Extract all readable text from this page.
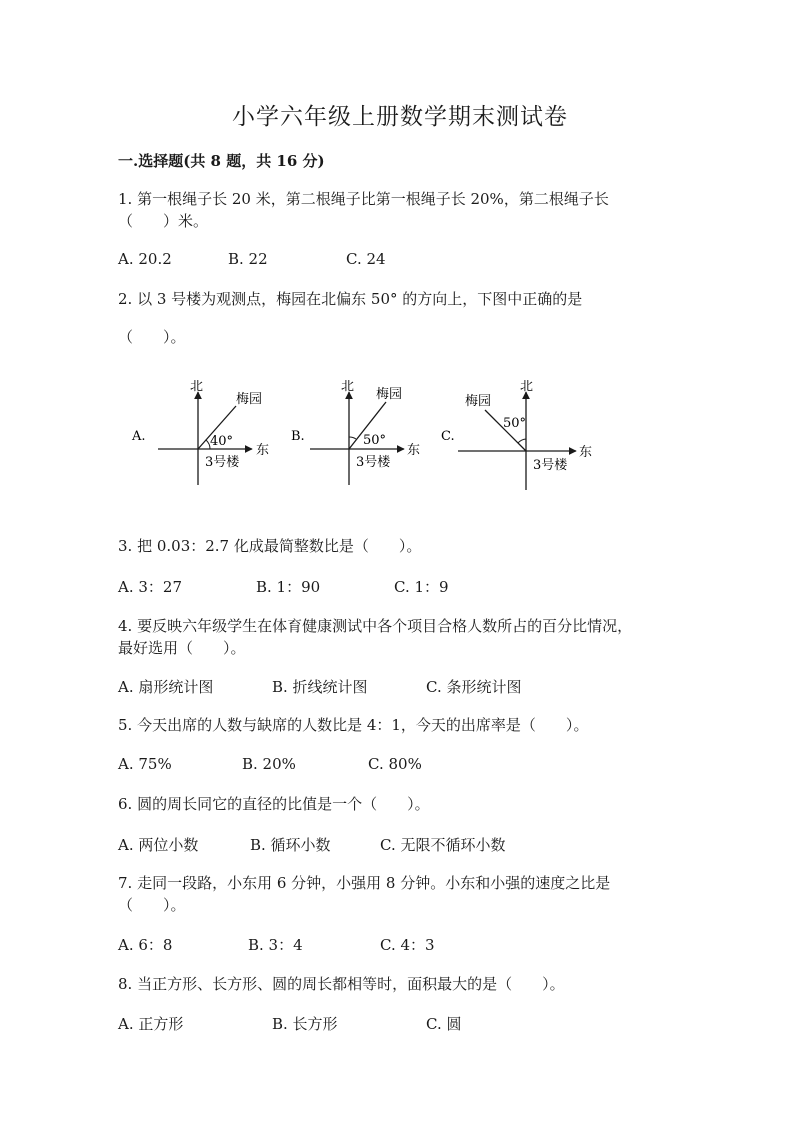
小学六年级上册数学期末测试卷
一.选择题(共 8 题，共 16 分)
1. 第一根绳子长 20 米，第二根绳子比第一根绳子长 20%，第二根绳子长
（　　）米。
A. 20.2	B. 22	C. 24
2. 以 3 号楼为观测点，梅园在北偏东 50° 的方向上，下图中正确的是
（　　）。
A.
北
东
梅园
40°
3号楼
B.
北
东
梅园
50°
3号楼
C.
北
东
梅园
50°
3号楼
3. 把 0.03：2.7 化成最简整数比是（　　）。
A. 3：27	B. 1：90	C. 1：9
4. 要反映六年级学生在体育健康测试中各个项目合格人数所占的百分比情况，
最好选用（　　）。
A. 扇形统计图	B. 折线统计图	C. 条形统计图
5. 今天出席的人数与缺席的人数比是 4：1，今天的出席率是（　　）。
A. 75%	B. 20%	C. 80%
6. 圆的周长同它的直径的比值是一个（　　）。
A. 两位小数	B. 循环小数	C. 无限不循环小数
7. 走同一段路，小东用 6 分钟，小强用 8 分钟。小东和小强的速度之比是
（　　）。
A. 6：8	B. 3：4	C. 4：3
8. 当正方形、长方形、圆的周长都相等时，面积最大的是（　　）。
A. 正方形	B. 长方形	C. 圆
